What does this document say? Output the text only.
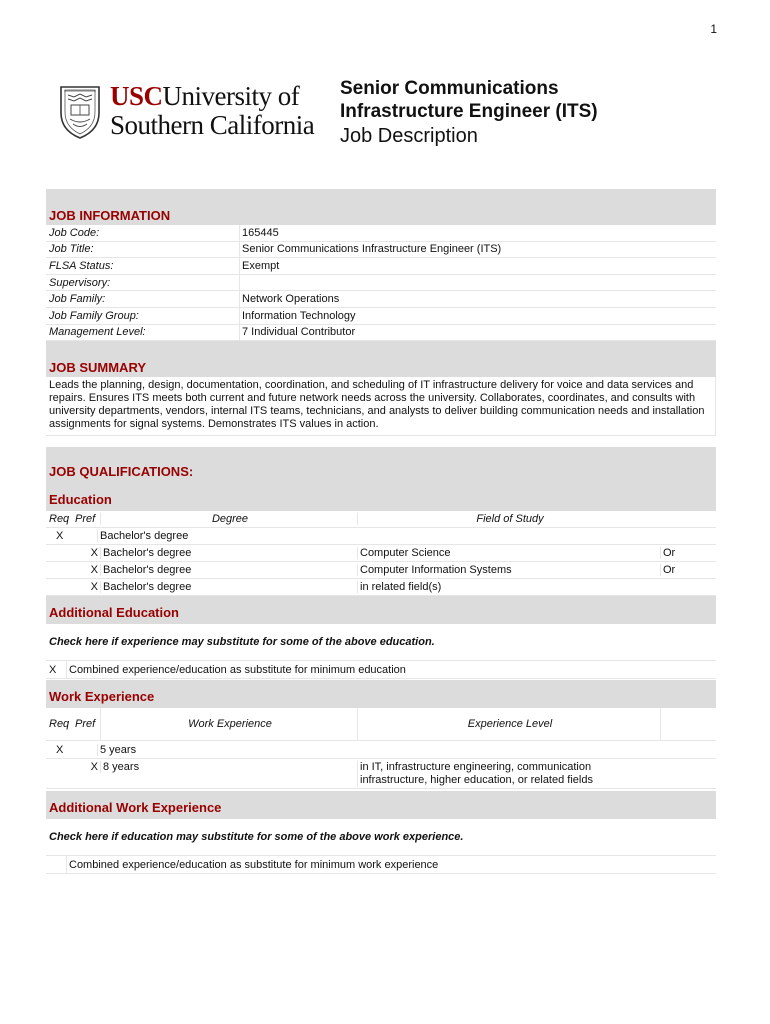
1
USCUniversity of
Southern California
Senior Communications Infrastructure Engineer (ITS)
Job Description
JOB INFORMATION
Job Code:	165445
Job Title:	Senior Communications Infrastructure Engineer (ITS)
FLSA Status:	Exempt
Supervisory:
Job Family:	Network Operations
Job Family Group:	Information Technology
Management Level:	7 Individual Contributor
JOB SUMMARY
Leads the planning, design, documentation, coordination, and scheduling of IT infrastructure delivery for voice and data services and repairs. Ensures ITS meets both current and future network needs across the university. Collaborates, coordinates, and consults with university departments, vendors, internal ITS teams, technicians, and analysts to deliver building communication needs and installation assignments for signal systems. Demonstrates ITS values in action.
JOB QUALIFICATIONS:
Education
Req Pref	Degree	Field of Study
X	Bachelor's degree
X Bachelor's degree	Computer Science	Or
X Bachelor's degree	Computer Information Systems	Or
X Bachelor's degree	in related field(s)
Additional Education
Check here if experience may substitute for some of the above education.
X	Combined experience/education as substitute for minimum education
Work Experience
Req Pref	Work Experience	Experience Level
X	5 years
X 8 years	in IT, infrastructure engineering, communication infrastructure, higher education, or related fields
Additional Work Experience
Check here if education may substitute for some of the above work experience.
Combined experience/education as substitute for minimum work experience
